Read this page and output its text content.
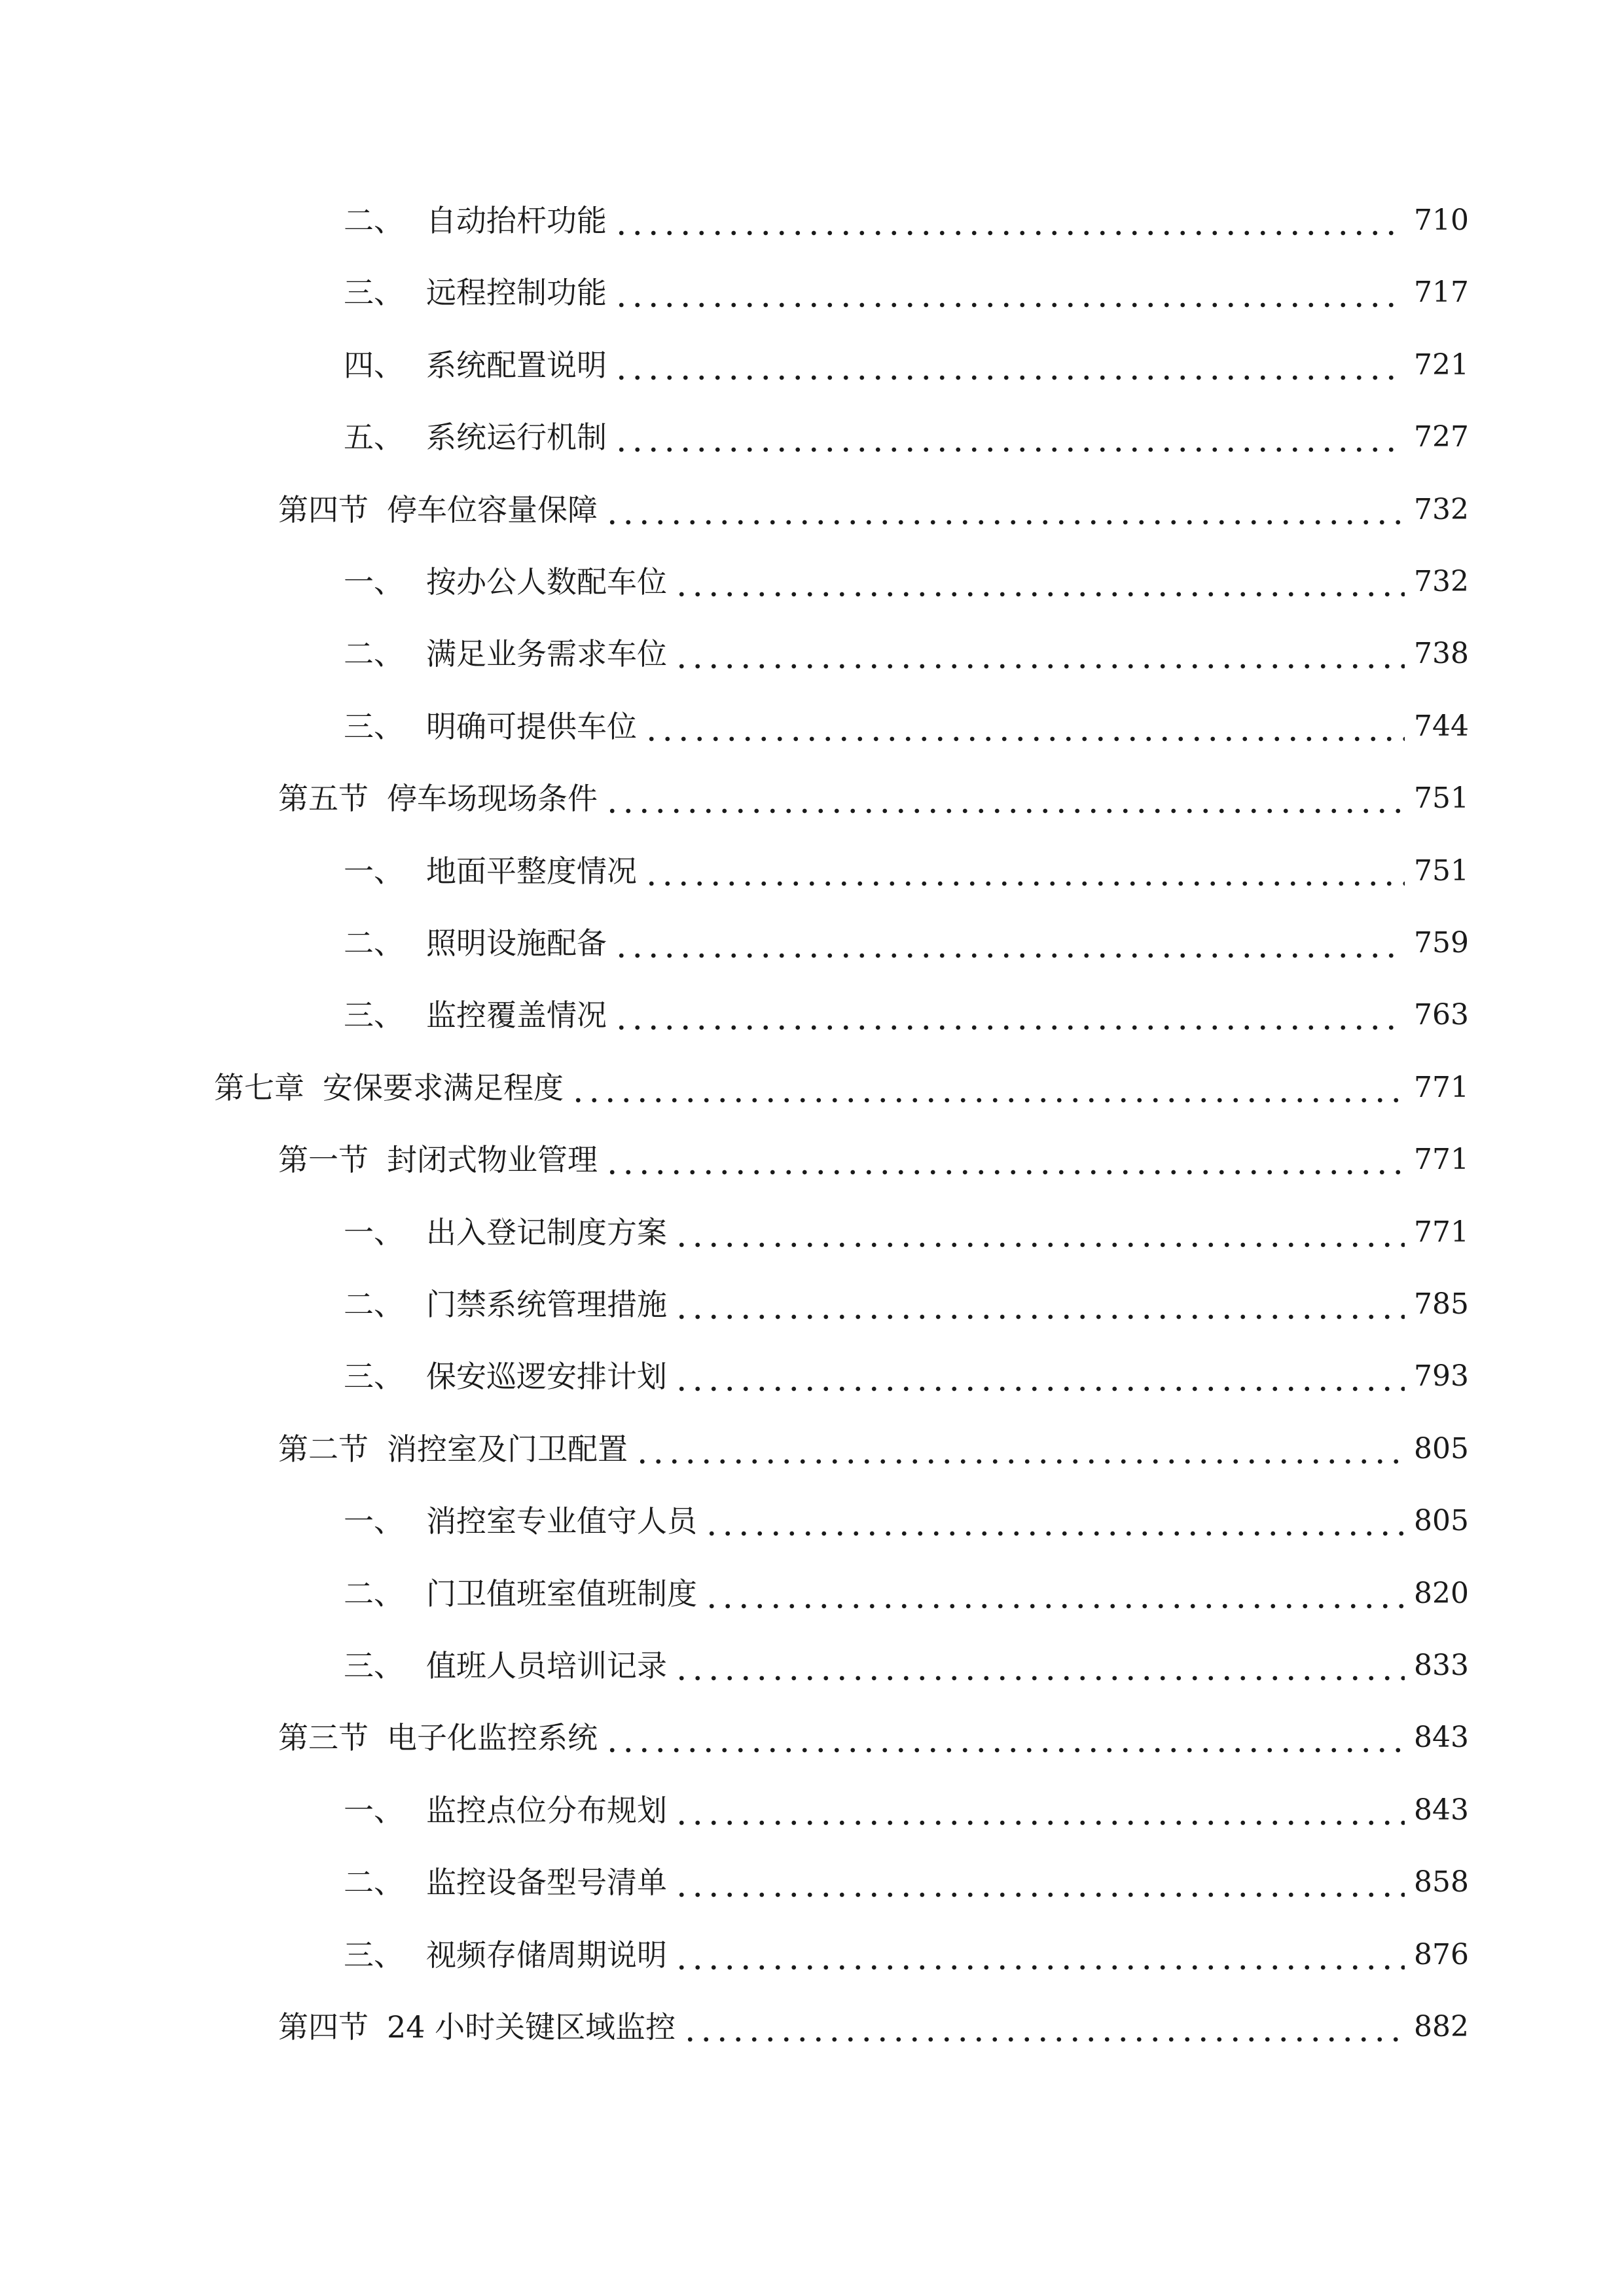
二、 自动抬杆功能	710
三、 远程控制功能	717
四、 系统配置说明	721
五、 系统运行机制	727
第四节 停车位容量保障	732
一、 按办公人数配车位	732
二、 满足业务需求车位	738
三、 明确可提供车位	744
第五节 停车场现场条件	751
一、 地面平整度情况	751
二、 照明设施配备	759
三、 监控覆盖情况	763
第七章 安保要求满足程度	771
第一节 封闭式物业管理	771
一、 出入登记制度方案	771
二、 门禁系统管理措施	785
三、 保安巡逻安排计划	793
第二节 消控室及门卫配置	805
一、 消控室专业值守人员	805
二、 门卫值班室值班制度	820
三、 值班人员培训记录	833
第三节 电子化监控系统	843
一、 监控点位分布规划	843
二、 监控设备型号清单	858
三、 视频存储周期说明	876
第四节 24 小时关键区域监控	882
